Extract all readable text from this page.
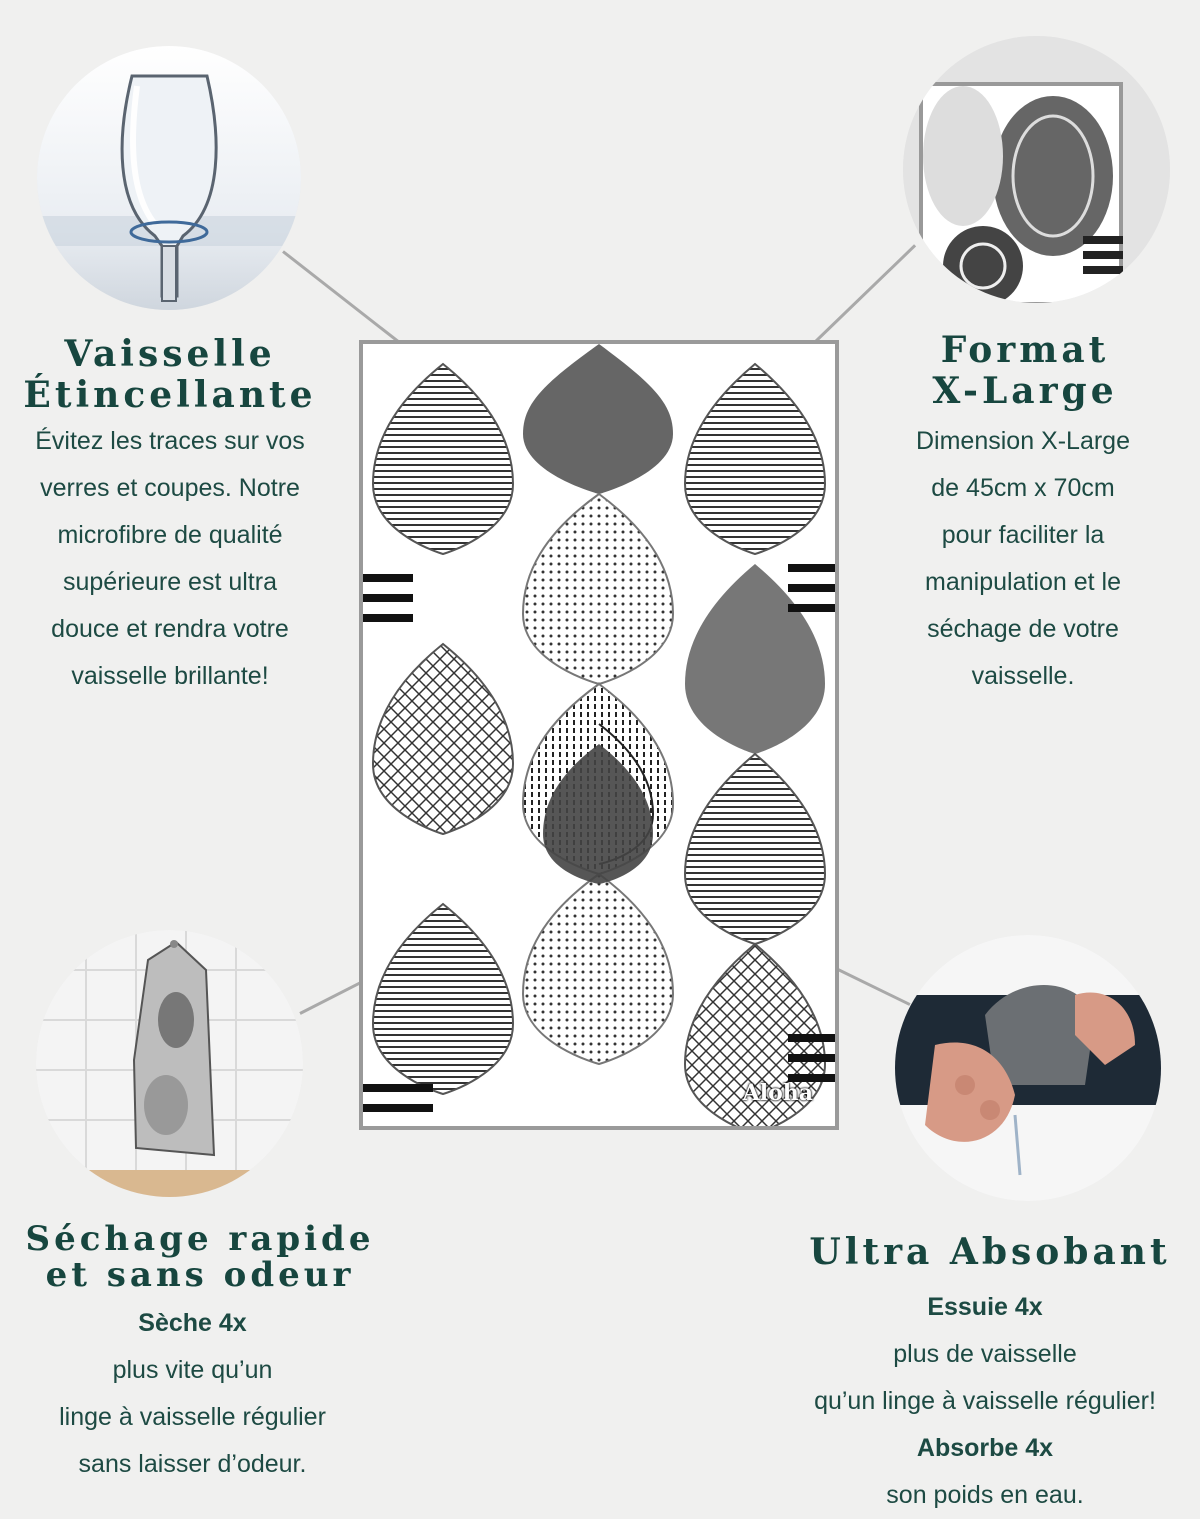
Aloha
Vaisselle
Étincellante
Format
X-Large
Séchage rapide
et sans odeur
Ultra Absobant
Évitez les traces sur vos
verres et coupes. Notre
microfibre de qualité
supérieure est ultra
douce et rendra votre
vaisselle brillante!
Dimension X-Large
de 45cm x 70cm
pour faciliter la
manipulation et le
séchage de votre
vaisselle.
Sèche 4x
plus vite qu’un
linge à vaisselle régulier
sans laisser d’odeur.
Essuie 4x
plus de vaisselle
qu’un linge à vaisselle régulier!
Absorbe 4x
son poids en eau.
